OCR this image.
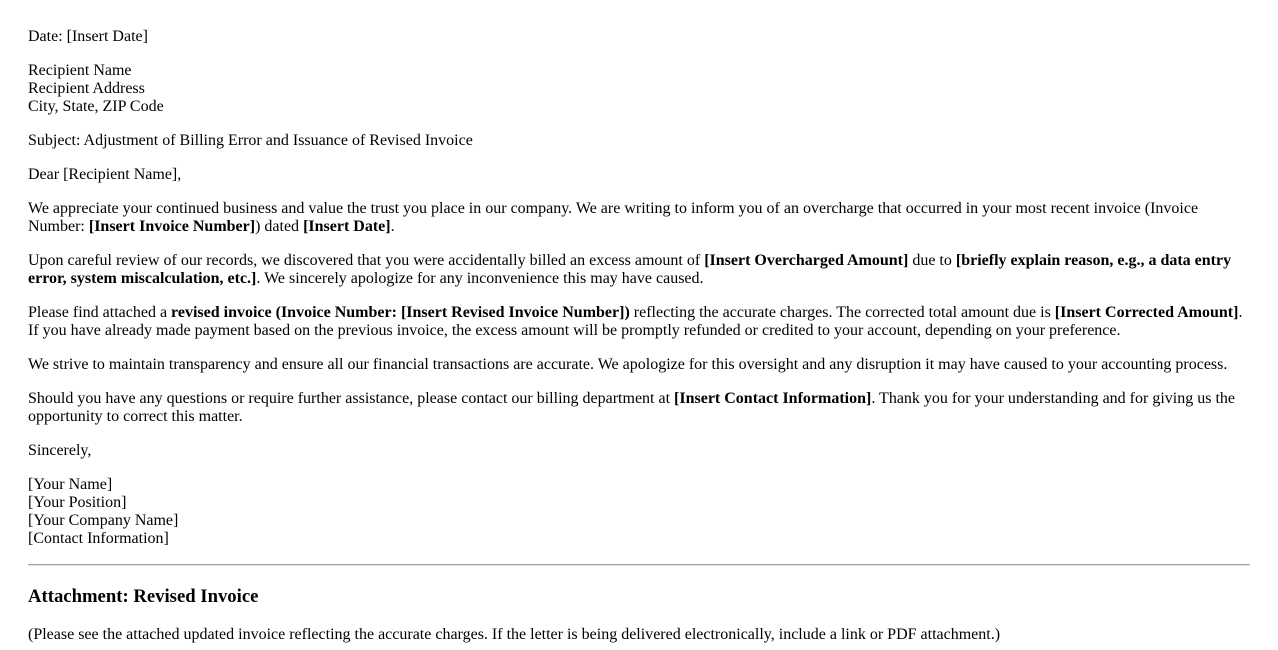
Date: [Insert Date]

Recipient Name

Recipient Address

City, State, ZIP Code

Subject: Adjustment of Billing Error and Issuance of Revised Invoice

Dear [Recipient Name],

We appreciate your continued business and value the trust you place in our company. We are writing to inform you of an overcharge that occurred in your most recent invoice (Invoice Number: [Insert Invoice Number]) dated [Insert Date].

Upon careful review of our records, we discovered that you were accidentally billed an excess amount of [Insert Overcharged Amount] due to [briefly explain reason, e.g., a data entry error, system miscalculation, etc.]. We sincerely apologize for any inconvenience this may have caused.

Please find attached a revised invoice (Invoice Number: [Insert Revised Invoice Number]) reflecting the accurate charges. The corrected total amount due is [Insert Corrected Amount]. If you have already made payment based on the previous invoice, the excess amount will be promptly refunded or credited to your account, depending on your preference.

We strive to maintain transparency and ensure all our financial transactions are accurate. We apologize for this oversight and any disruption it may have caused to your accounting process.

Should you have any questions or require further assistance, please contact our billing department at [Insert Contact Information]. Thank you for your understanding and for giving us the opportunity to correct this matter.

Sincerely,

[Your Name]

[Your Position]

[Your Company Name]

[Contact Information]

Attachment: Revised Invoice

(Please see the attached updated invoice reflecting the accurate charges. If the letter is being delivered electronically, include a link or PDF attachment.)
